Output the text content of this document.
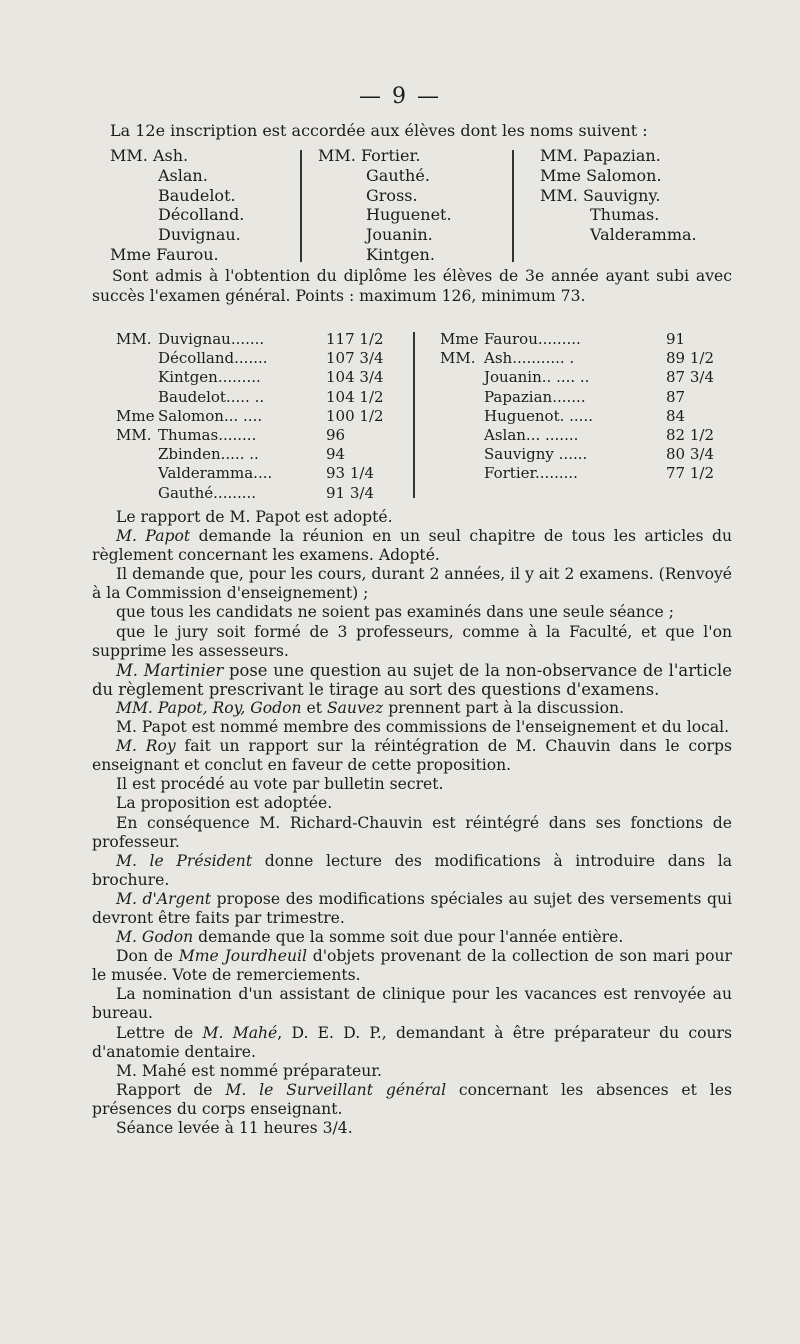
— 9 —
La 12e inscription est accordée aux élèves dont les noms suivent :
MM. Ash.
Aslan.
Baudelot.
Décolland.
Duvignau.
Mme Faurou.
MM. Fortier.
Gauthé.
Gross.
Huguenet.
Jouanin.
Kintgen.
MM. Papazian.
Mme Salomon.
MM. Sauvigny.
Thumas.
Valderamma.
Sont admis à l'obtention du diplôme les élèves de 3e année ayant subi avec succès l'examen général. Points : maximum 126, minimum 73.
MM. Duvignau.......	117 1/2
Décolland.......	107 3/4
Kintgen.........	104 3/4
Baudelot..... ..	104 1/2
Mme Salomon... ....	100 1/2
MM. Thumas........	96
Zbinden..... ..	94
Valderamma....	93 1/4
Gauthé.........	91 3/4
Mme Faurou.........	91
MM. Ash........... .	89 1/2
Jouanin.. .... ..	87 3/4
Papazian.......	87
Huguenot. .....	84
Aslan... .......	82 1/2
Sauvigny ......	80 3/4
Fortier.........	77 1/2

Le rapport de M. Papot est adopté.

M. Papot demande la réunion en un seul chapitre de tous les articles du règlement concernant les examens. Adopté.

Il demande que, pour les cours, durant 2 années, il y ait 2 examens. (Renvoyé à la Commission d'enseignement) ;

que tous les candidats ne soient pas examinés dans une seule séance ;

que le jury soit formé de 3 professeurs, comme à la Faculté, et que l'on supprime les assesseurs.

M. Martinier pose une question au sujet de la non-observance de l'article du règlement prescrivant le tirage au sort des questions d'examens.

MM. Papot, Roy, Godon et Sauvez prennent part à la discussion.

M. Papot est nommé membre des commissions de l'enseignement et du local.

M. Roy fait un rapport sur la réintégration de M. Chauvin dans le corps enseignant et conclut en faveur de cette proposition.

Il est procédé au vote par bulletin secret.

La proposition est adoptée.

En conséquence M. Richard-Chauvin est réintégré dans ses fonctions de professeur.

M. le Président donne lecture des modifications à introduire dans la brochure.

M. d'Argent propose des modifications spéciales au sujet des versements qui devront être faits par trimestre.

M. Godon demande que la somme soit due pour l'année entière.

Don de Mme Jourdheuil d'objets provenant de la collection de son mari pour le musée. Vote de remerciements.

La nomination d'un assistant de clinique pour les vacances est renvoyée au bureau.

Lettre de M. Mahé, D. E. D. P., demandant à être préparateur du cours d'anatomie dentaire.

M. Mahé est nommé préparateur.

Rapport de M. le Surveillant général concernant les absences et les présences du corps enseignant.

Séance levée à 11 heures 3/4.
